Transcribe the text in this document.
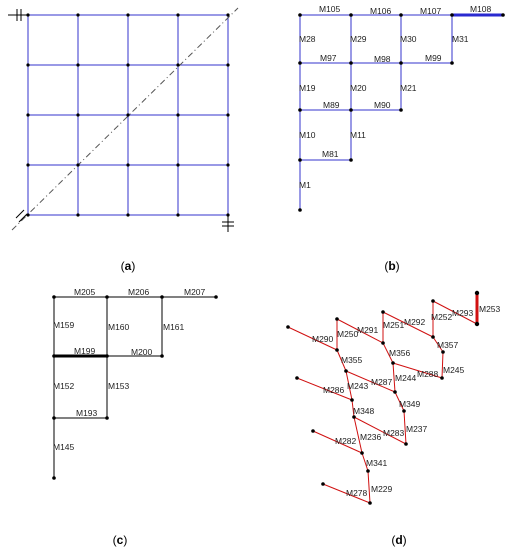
(a)
M105	M106	M107	M108
M28	M29	M30	M31
M97	M98	M99
M19	M20	M21
M89	M90
M10	M11
M81
M1
(b)
M205	M206	M207
M159	M160	M161
M199	M200
M152	M153
M193
M145
(c)
M253
M293
M252
M292
M251
M291
M250
M290
M357
M356
M355
M245
M288
M244
M287
M243
M286
M349
M348
M237
M283
M236
M282
M341
M229
M278
(d)
